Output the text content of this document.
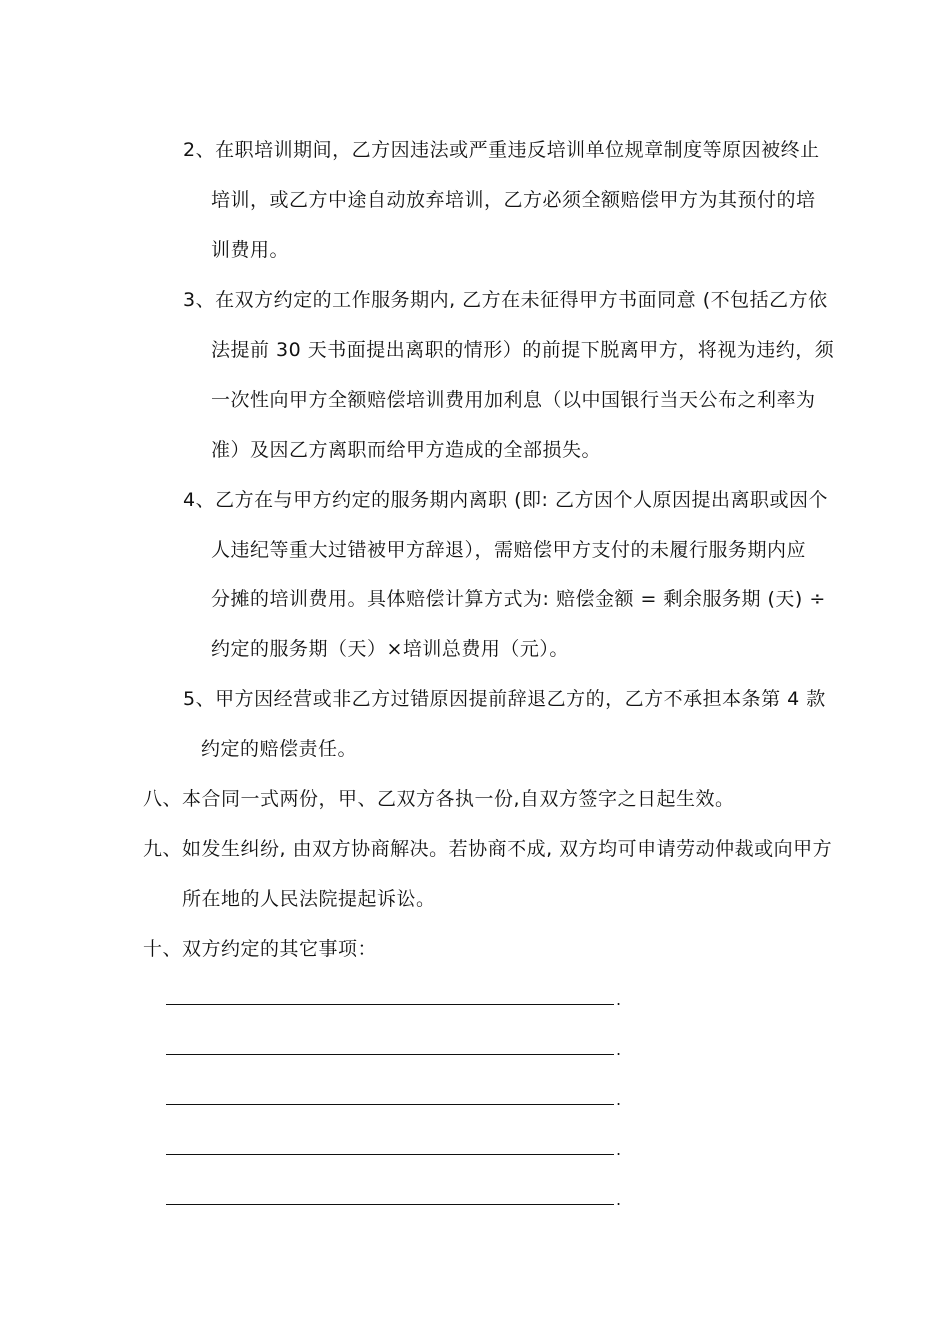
2、在职培训期间，乙方因违法或严重违反培训单位规章制度等原因被终止
培训，或乙方中途自动放弃培训，乙方必须全额赔偿甲方为其预付的培
训费用。
3、在双方约定的工作服务期内, 乙方在未征得甲方书面同意 (不包括乙方依
法提前 30 天书面提出离职的情形）的前提下脱离甲方，将视为违约，须
一次性向甲方全额赔偿培训费用加利息（以中国银行当天公布之利率为
准）及因乙方离职而给甲方造成的全部损失。
4、乙方在与甲方约定的服务期内离职 (即: 乙方因个人原因提出离职或因个
人违纪等重大过错被甲方辞退），需赔偿甲方支付的未履行服务期内应
分摊的培训费用。具体赔偿计算方式为: 赔偿金额 = 剩余服务期 (天) ÷
约定的服务期（天）×培训总费用（元）。
5、甲方因经营或非乙方过错原因提前辞退乙方的，乙方不承担本条第 4 款
约定的赔偿责任。
八、本合同一式两份，甲、乙双方各执一份,自双方签字之日起生效。
九、如发生纠纷, 由双方协商解决。若协商不成, 双方均可申请劳动仲裁或向甲方
所在地的人民法院提起诉讼。
十、双方约定的其它事项：
.
.
.
.
.
